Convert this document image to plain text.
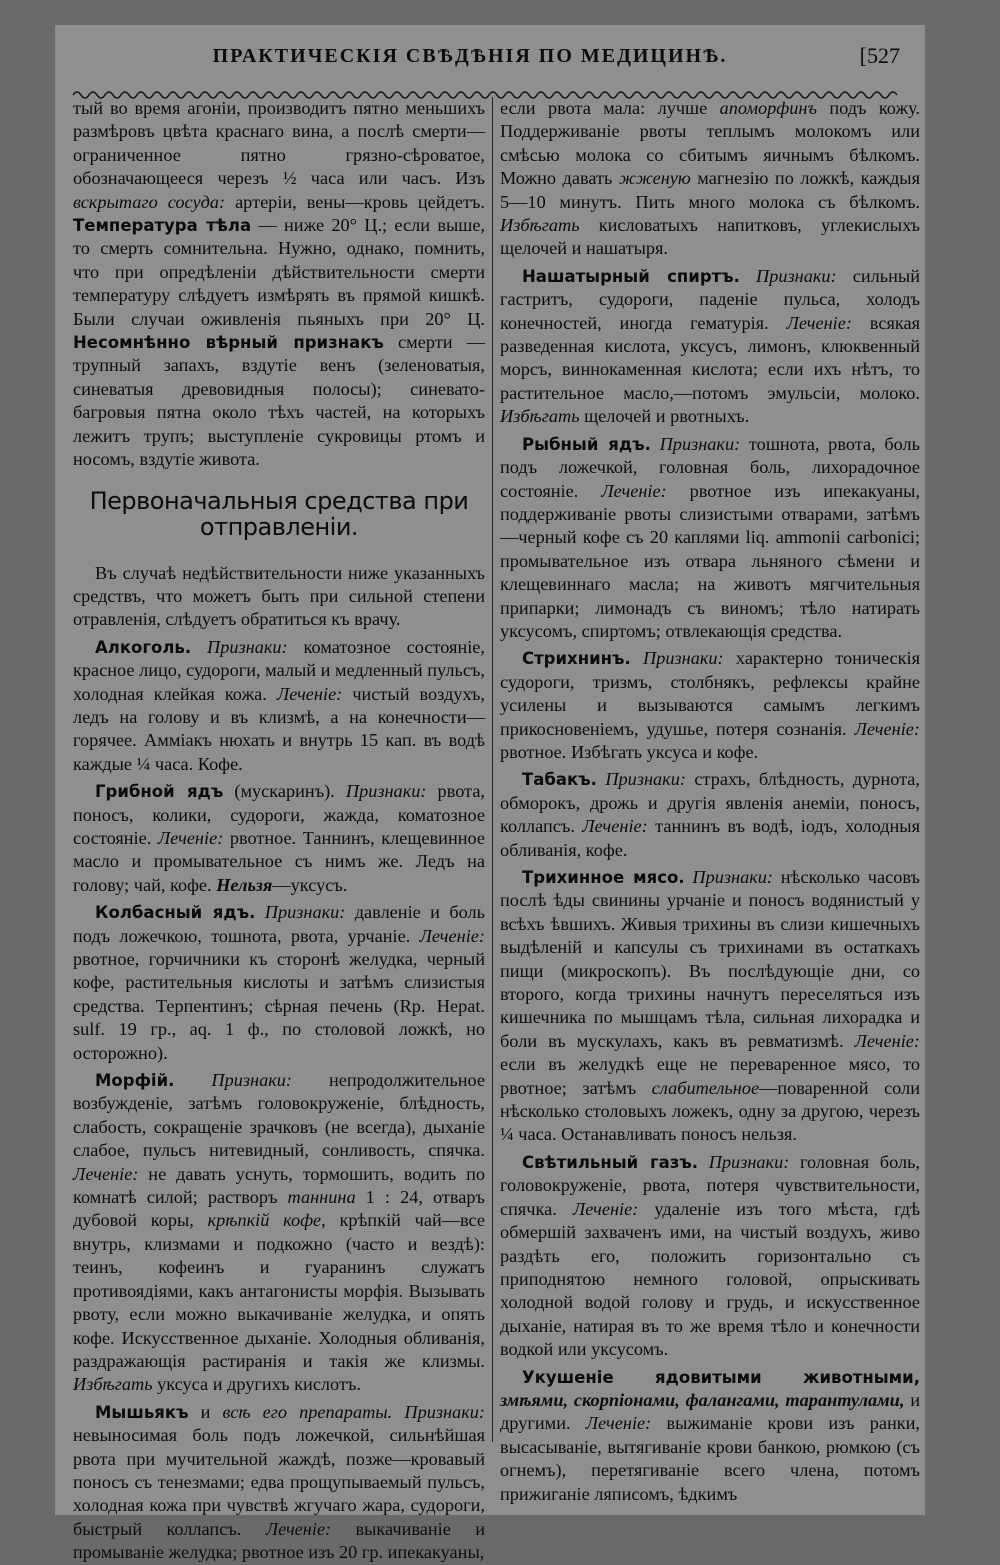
ПРАКТИЧЕСКІЯ СВѢДѢНІЯ ПО МЕДИЦИНѢ.	[527

тый во время агоніи, производитъ пятно меньшихъ размѣровъ цвѣта краснаго вина, а послѣ смерти—ограниченное пятно грязно-сѣроватое, обозначающееся черезъ ½ часа или часъ. Изъ вскрытаго сосуда: артеріи, вены—кровь цейдетъ. Температура тѣла — ниже 20° Ц.; если выше, то смерть сомнительна. Нужно, однако, помнить, что при опредѣленіи дѣйствительности смерти температуру слѣдуетъ измѣрять въ прямой кишкѣ. Были случаи оживленія пьяныхъ при 20° Ц. Несомнѣнно вѣрный признакъ смерти — трупный запахъ, вздутіе венъ (зеленоватыя, синеватыя древовидныя полосы); синевато-багровыя пятна около тѣхъ частей, на которыхъ лежитъ трупъ; выступленіе сукровицы ртомъ и носомъ, вздутіе живота.

Первоначальныя средства при отправленіи.

Въ случаѣ недѣйствительности ниже указанныхъ средствъ, что можетъ быть при сильной степени отравленія, слѣдуетъ обратиться къ врачу.

Алкоголь. Признаки: коматозное состояніе, красное лицо, судороги, малый и медленный пульсъ, холодная клейкая кожа. Леченіе: чистый воздухъ, ледъ на голову и въ клизмѣ, а на конечности—горячее. Амміакъ нюхать и внутрь 15 кап. въ водѣ каждые ¼ часа. Кофе.

Грибной ядъ (мускаринъ). Признаки: рвота, поносъ, колики, судороги, жажда, коматозное состояніе. Леченіе: рвотное. Таннинъ, клещевинное масло и промывательное съ нимъ же. Ледъ на голову; чай, кофе. Нельзя—уксусъ.

Колбасный ядъ. Признаки: давленіе и боль подъ ложечкою, тошнота, рвота, урчаніе. Леченіе: рвотное, горчичники къ сторонѣ желудка, черный кофе, растительныя кислоты и затѣмъ слизистыя средства. Терпентинъ; сѣрная печень (Rp. Hepat. sulf. 19 гр., aq. 1 ф., по столовой ложкѣ, но осторожно).

Морфій. Признаки: непродолжительное возбужденіе, затѣмъ головокруженіе, блѣдность, слабость, сокращеніе зрачковъ (не всегда), дыханіе слабое, пульсъ нитевидный, сонливость, спячка. Леченіе: не давать уснуть, тормошить, водить по комнатѣ силой; растворъ таннина 1 : 24, отваръ дубовой коры, крѣпкій кофе, крѣпкій чай—все внутрь, клизмами и подкожно (часто и вездѣ): теинъ, кофеинъ и гуаранинъ служатъ противоядіями, какъ антагонисты морфія. Вызывать рвоту, если можно выкачиваніе желудка, и опять кофе. Искусственное дыханіе. Холодныя обливанія, раздражающія растиранія и такія же клизмы. Избѣгать уксуса и другихъ кислотъ.

Мышьякъ и всѣ его препараты. Признаки: невыносимая боль подъ ложечкой, сильнѣйшая рвота при мучительной жаждѣ, позже—кровавый поносъ съ тенезмами; едва прощупываемый пульсъ, холодная кожа при чувствѣ жгучаго жара, судороги, быстрый коллапсъ. Леченіе: выкачиваніе и промываніе желудка; рвотное изъ 20 гр. ипекакуаны,

если рвота мала: лучше апоморфинъ подъ кожу. Поддерживаніе рвоты теплымъ молокомъ или смѣсью молока со сбитымъ яичнымъ бѣлкомъ. Можно давать жженую магнезію по ложкѣ, каждыя 5—10 минутъ. Пить много молока съ бѣлкомъ. Избѣгать кисловатыхъ напитковъ, углекислыхъ щелочей и нашатыря.

Нашатырный спиртъ. Признаки: сильный гастритъ, судороги, паденіе пульса, холодъ конечностей, иногда гематурія. Леченіе: всякая разведенная кислота, уксусъ, лимонъ, клюквенный морсъ, виннокаменная кислота; если ихъ нѣтъ, то растительное масло,—потомъ эмульсіи, молоко. Избѣгать щелочей и рвотныхъ.

Рыбный ядъ. Признаки: тошнота, рвота, боль подъ ложечкой, головная боль, лихорадочное состояніе. Леченіе: рвотное изъ ипекакуаны, поддерживаніе рвоты слизистыми отварами, затѣмъ—черный кофе съ 20 каплями liq. ammonii carbonici; промывательное изъ отвара льняного сѣмени и клещевиннаго масла; на животъ мягчительныя припарки; лимонадъ съ виномъ; тѣло натирать уксусомъ, спиртомъ; отвлекающія средства.

Стрихнинъ. Признаки: характерно тоническія судороги, тризмъ, столбнякъ, рефлексы крайне усилены и вызываются самымъ легкимъ прикосновеніемъ, удушье, потеря сознанія. Леченіе: рвотное. Избѣгать уксуса и кофе.

Табакъ. Признаки: страхъ, блѣдность, дурнота, обморокъ, дрожь и другія явленія анеміи, поносъ, коллапсъ. Леченіе: таннинъ въ водѣ, іодъ, холодныя обливанія, кофе.

Трихинное мясо. Признаки: нѣсколько часовъ послѣ ѣды свинины урчаніе и поносъ водянистый у всѣхъ ѣвшихъ. Живыя трихины въ слизи кишечныхъ выдѣленій и капсулы съ трихинами въ остаткахъ пищи (микроскопъ). Въ послѣдующіе дни, со второго, когда трихины начнутъ переселяться изъ кишечника по мышцамъ тѣла, сильная лихорадка и боли въ мускулахъ, какъ въ ревматизмѣ. Леченіе: если въ желудкѣ еще не переваренное мясо, то рвотное; затѣмъ слабительное—поваренной соли нѣсколько столовыхъ ложекъ, одну за другою, черезъ ¼ часа. Останавливать поносъ нельзя.

Свѣтильный газъ. Признаки: головная боль, головокруженіе, рвота, потеря чувствительности, спячка. Леченіе: удаленіе изъ того мѣста, гдѣ обмершій захваченъ ими, на чистый воздухъ, живо раздѣть его, положить горизонтально съ приподнятою немного головой, опрыскивать холодной водой голову и грудь, и искусственное дыханіе, натирая въ то же время тѣло и конечности водкой или уксусомъ.

Укушеніе ядовитыми животными, змѣями, скорпіонами, фалангами, тарантулами, и другими. Леченіе: выжиманіе крови изъ ранки, высасываніе, вытягиваніе крови банкою, рюмкою (съ огнемъ), перетягиваніе всего члена, потомъ прижиганіе ляписомъ, ѣдкимъ
